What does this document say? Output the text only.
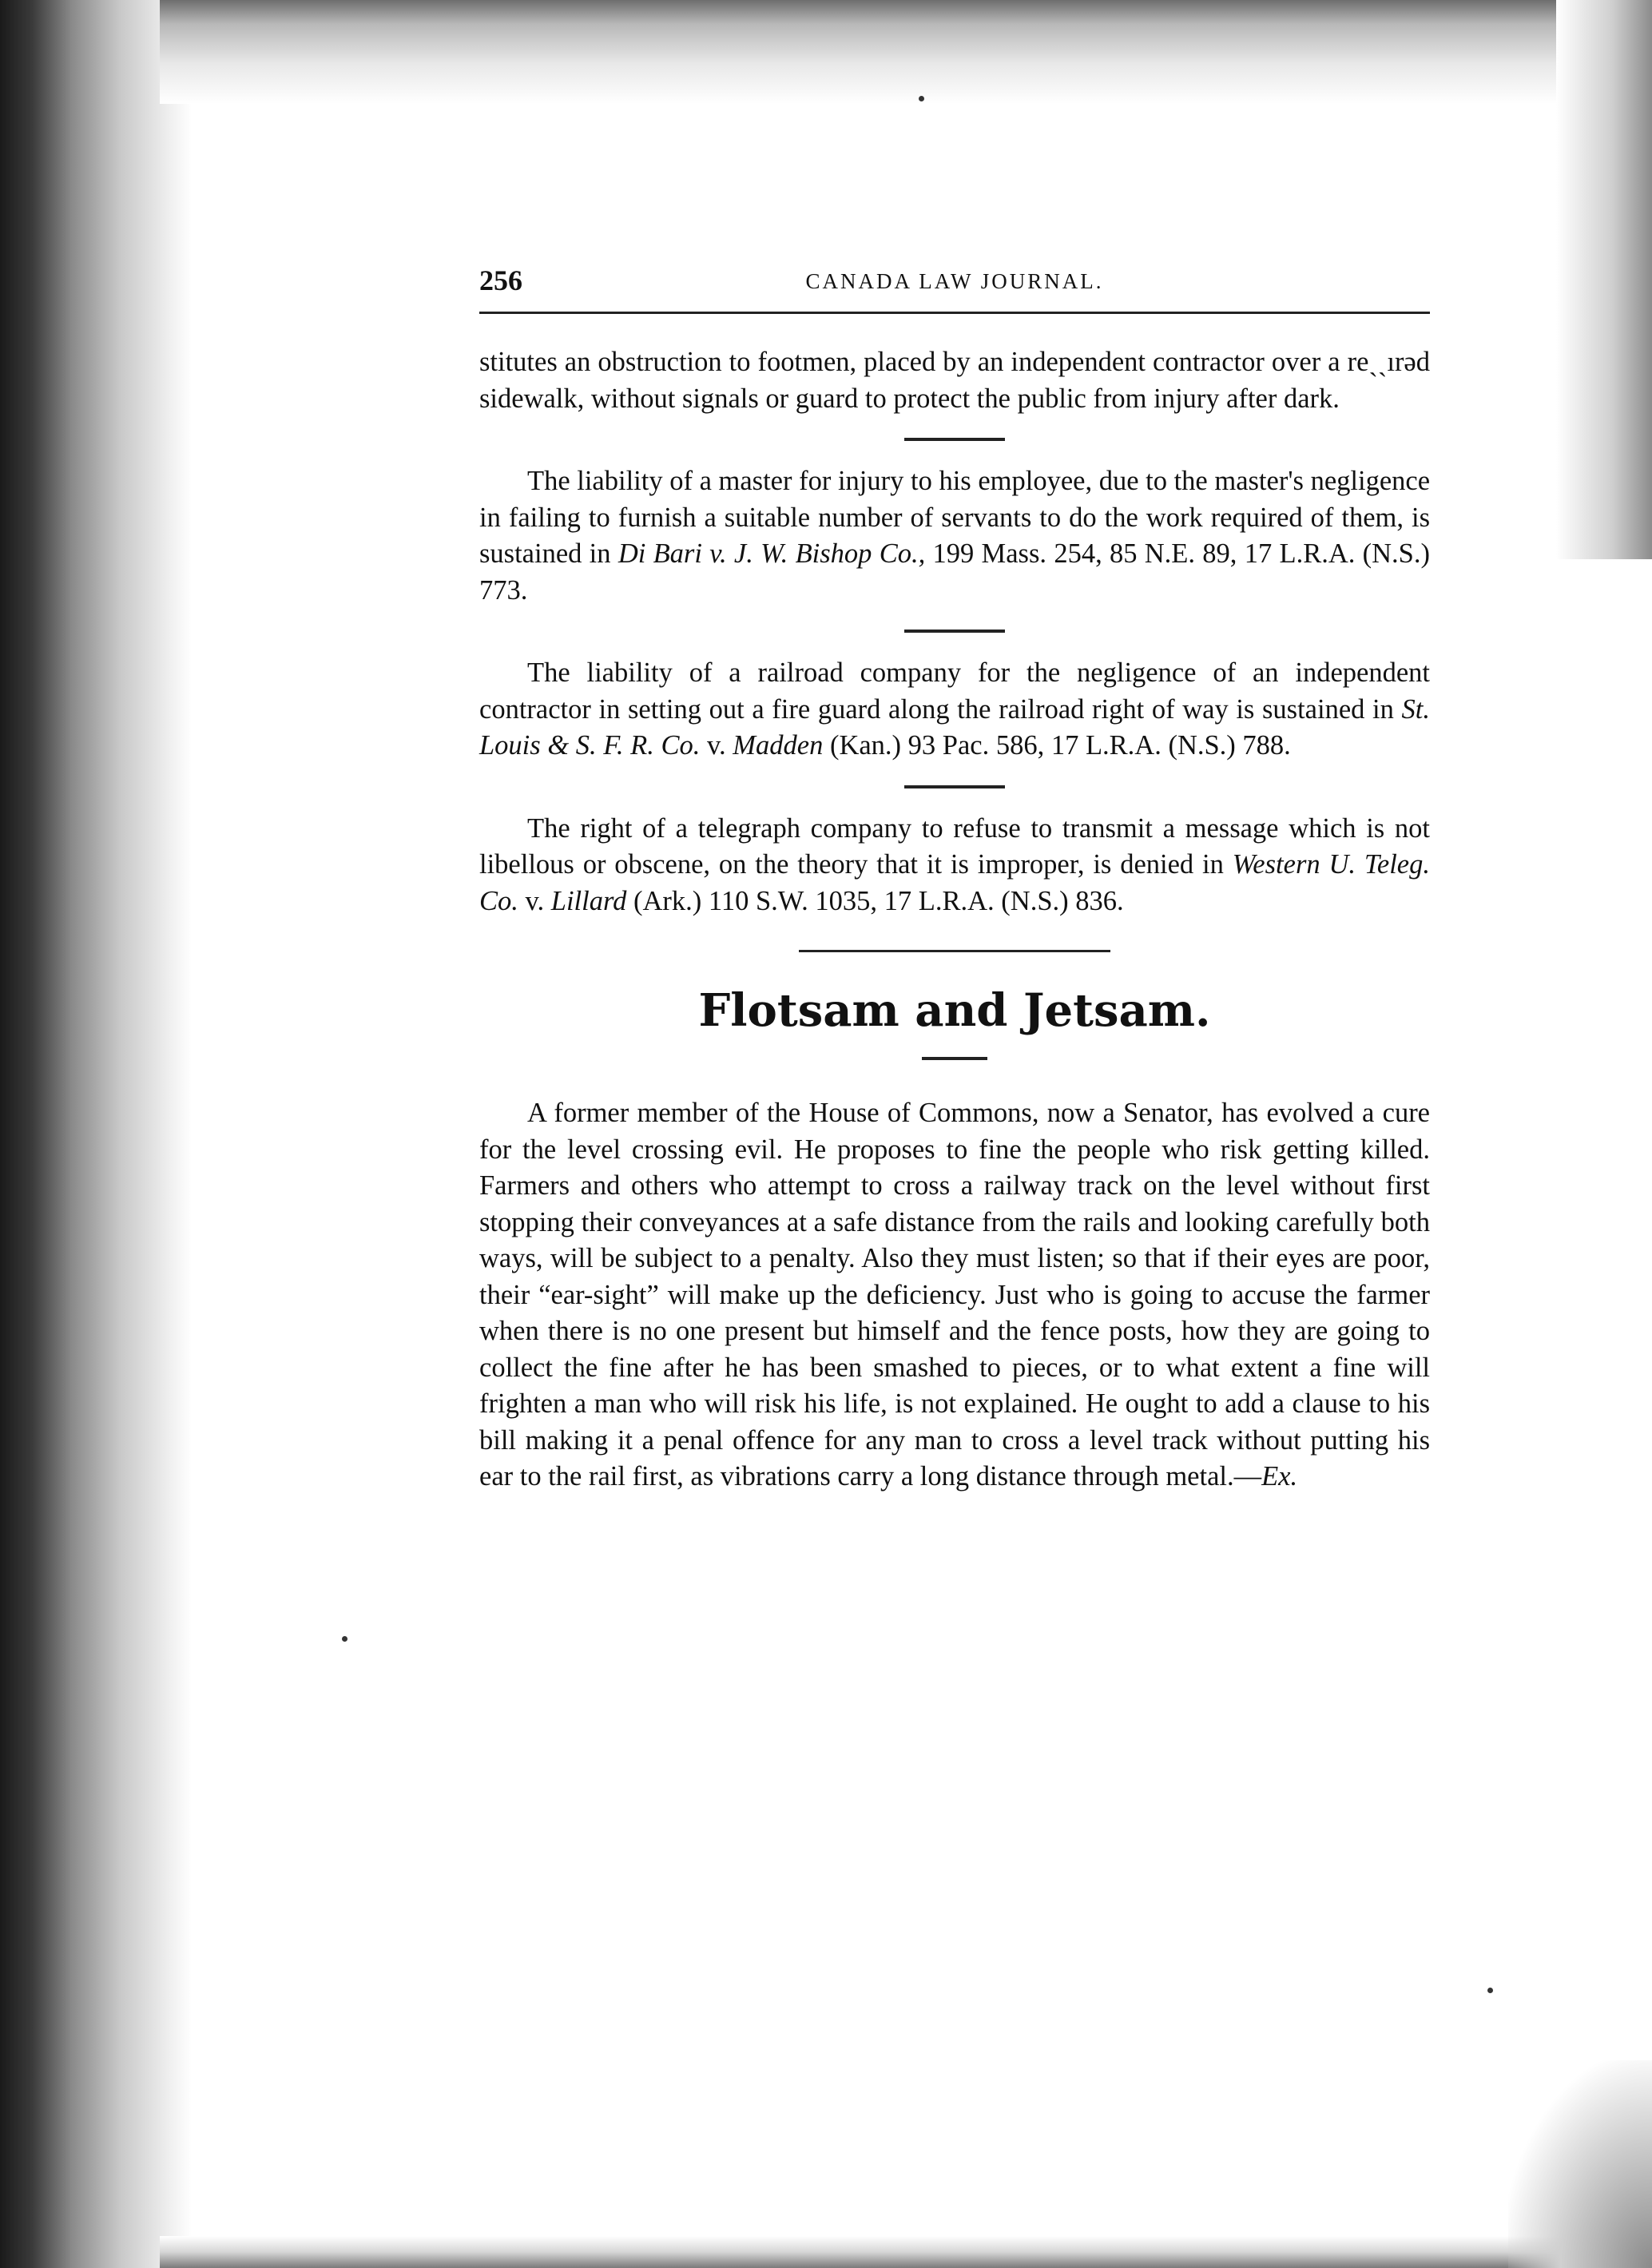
256	CANADA LAW JOURNAL.

stitutes an obstruction to footmen, placed by an independent contractor over a reˏˎırəd sidewalk, without signals or guard to protect the public from injury after dark.

The liability of a master for injury to his employee, due to the master's negligence in failing to furnish a suitable number of servants to do the work required of them, is sustained in Di Bari v. J. W. Bishop Co., 199 Mass. 254, 85 N.E. 89, 17 L.R.A. (N.S.) 773.

The liability of a railroad company for the negligence of an independent contractor in setting out a fire guard along the railroad right of way is sustained in St. Louis & S. F. R. Co. v. Madden (Kan.) 93 Pac. 586, 17 L.R.A. (N.S.) 788.

The right of a telegraph company to refuse to transmit a message which is not libellous or obscene, on the theory that it is improper, is denied in Western U. Teleg. Co. v. Lillard (Ark.) 110 S.W. 1035, 17 L.R.A. (N.S.) 836.

Flotsam and Jetsam.

A former member of the House of Commons, now a Senator, has evolved a cure for the level crossing evil. He proposes to fine the people who risk getting killed. Farmers and others who attempt to cross a railway track on the level without first stopping their conveyances at a safe distance from the rails and looking carefully both ways, will be subject to a penalty. Also they must listen; so that if their eyes are poor, their “ear-sight” will make up the deficiency. Just who is going to accuse the farmer when there is no one present but himself and the fence posts, how they are going to collect the fine after he has been smashed to pieces, or to what extent a fine will frighten a man who will risk his life, is not explained. He ought to add a clause to his bill making it a penal offence for any man to cross a level track without putting his ear to the rail first, as vibrations carry a long distance through metal.—Ex.
